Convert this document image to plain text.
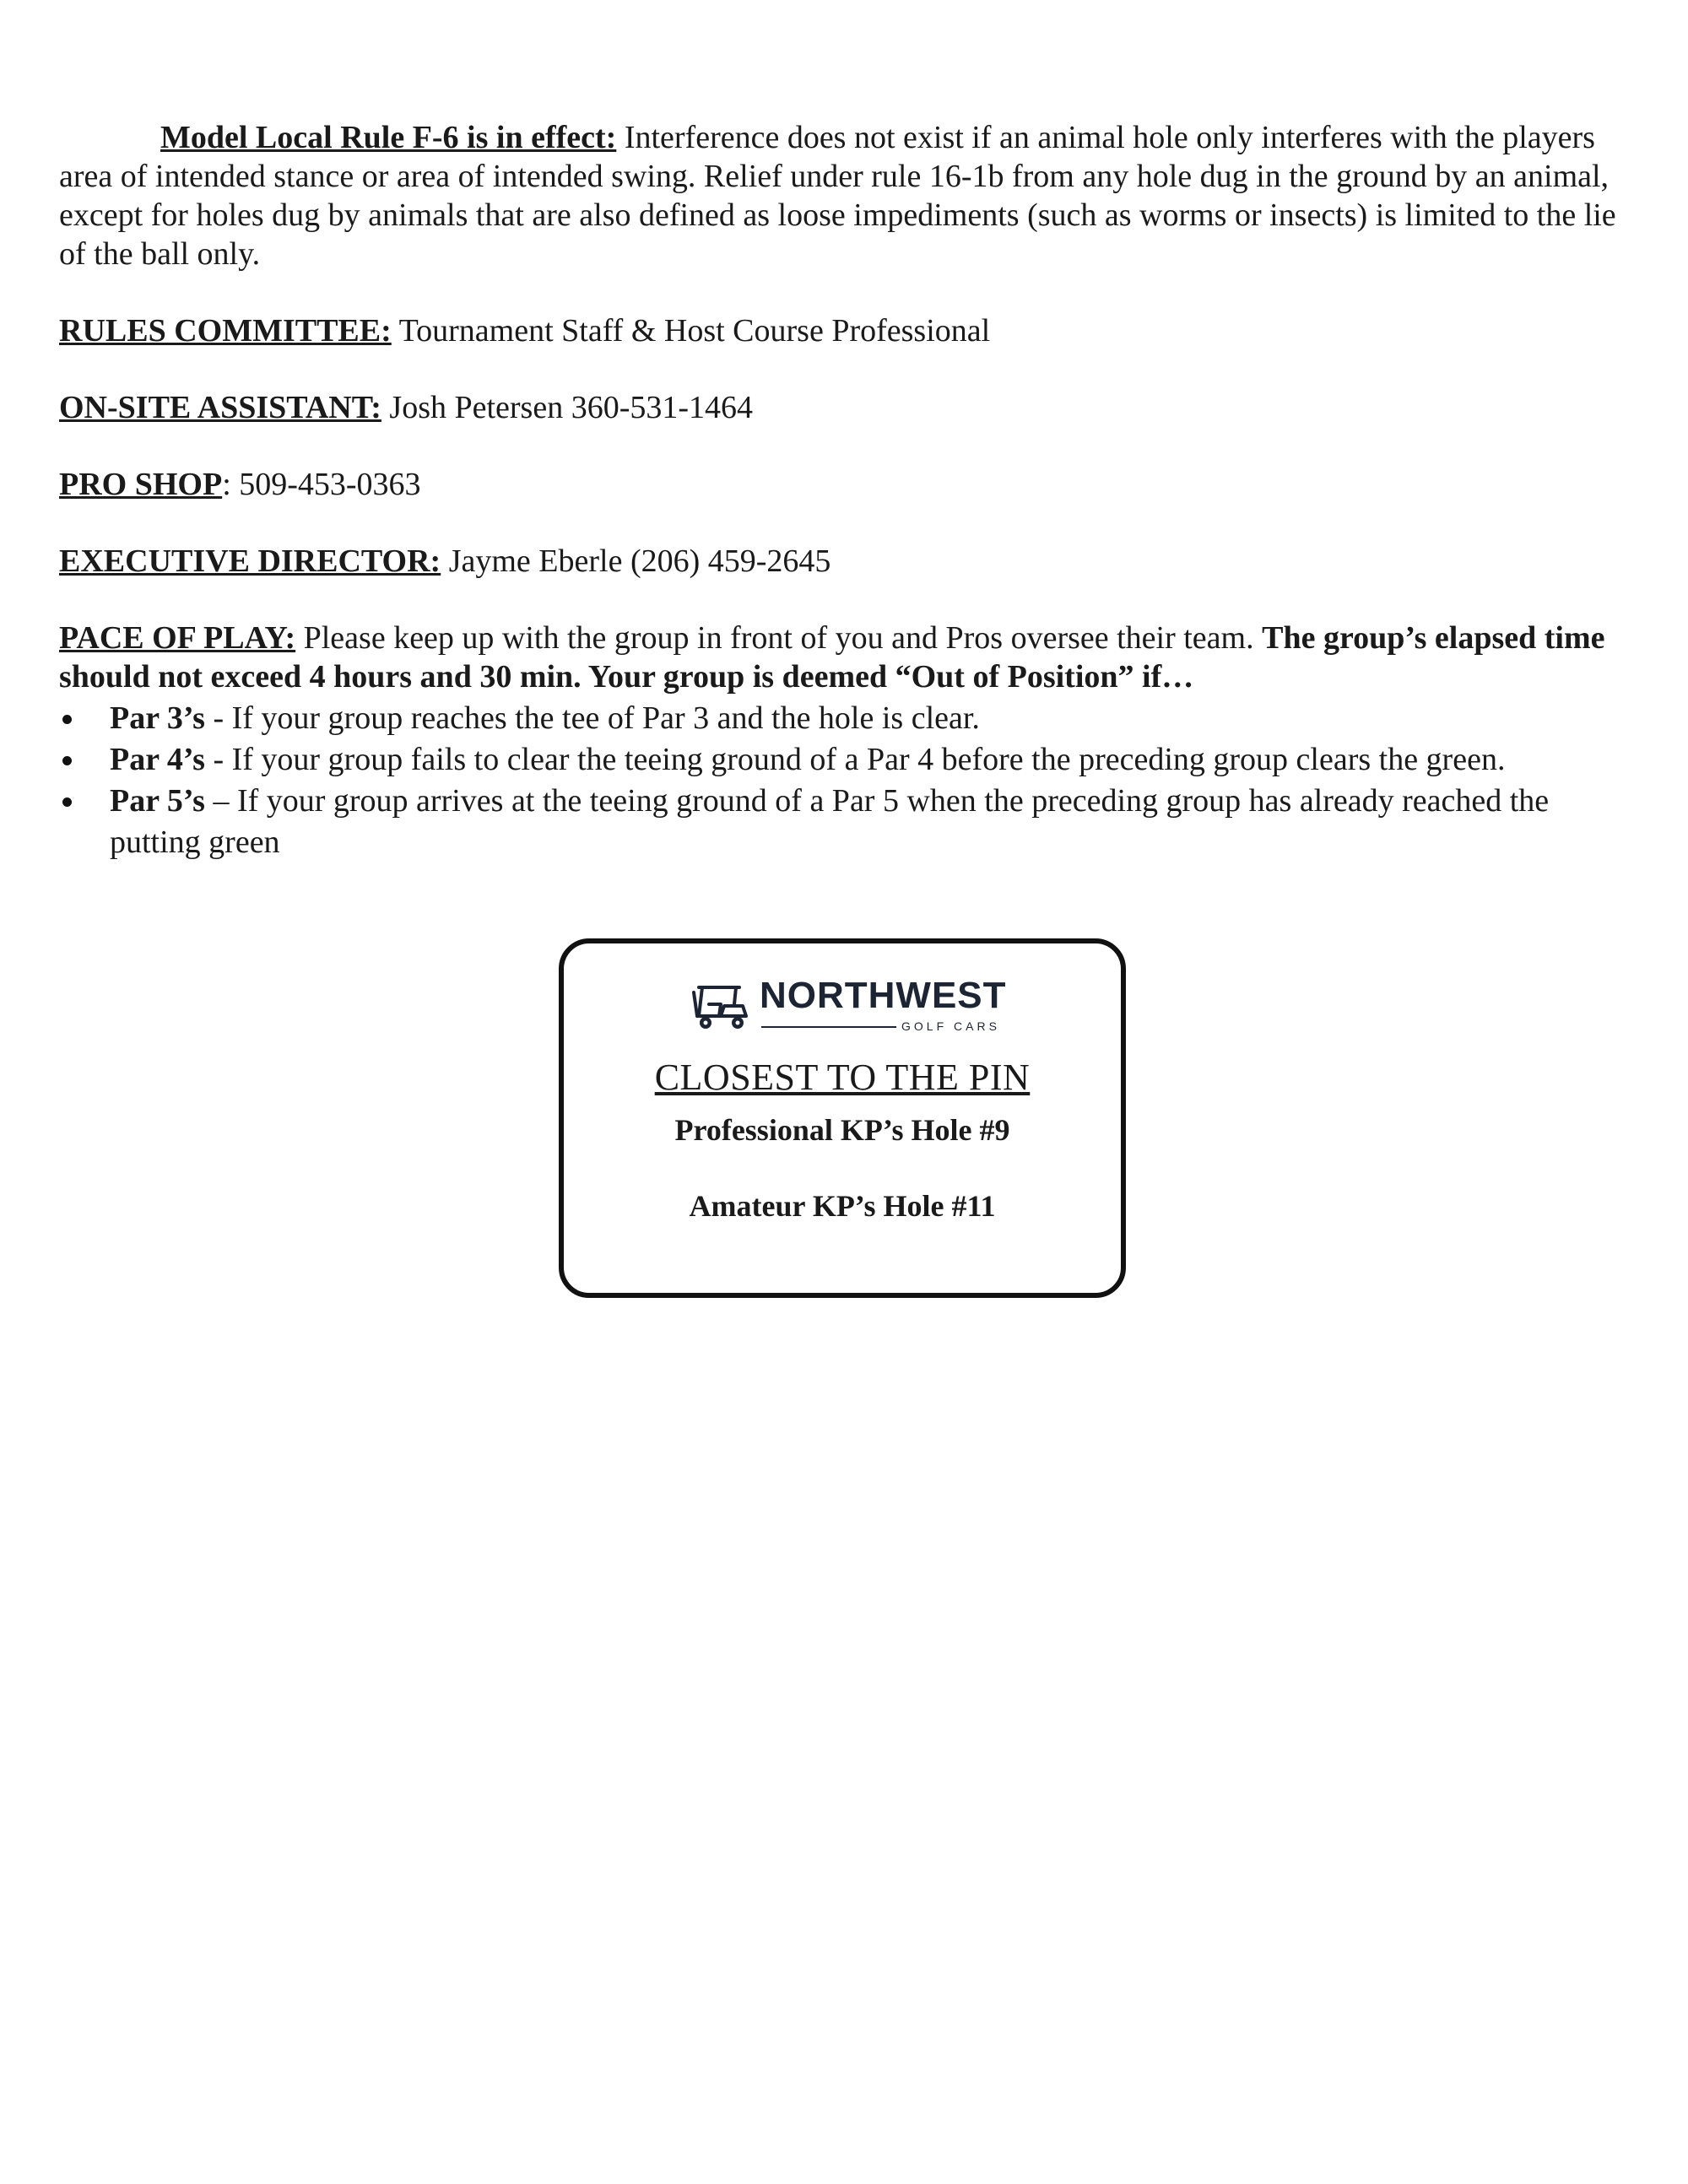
Model Local Rule F-6 is in effect: Interference does not exist if an animal hole only interferes with the players area of intended stance or area of intended swing. Relief under rule 16-1b from any hole dug in the ground by an animal, except for holes dug by animals that are also defined as loose impediments (such as worms or insects) is limited to the lie of the ball only.

RULES COMMITTEE: Tournament Staff & Host Course Professional

ON-SITE ASSISTANT: Josh Petersen 360-531-1464

PRO SHOP: 509-453-0363

EXECUTIVE DIRECTOR: Jayme Eberle (206) 459-2645

PACE OF PLAY: Please keep up with the group in front of you and Pros oversee their team. The group’s elapsed time should not exceed 4 hours and 30 min. Your group is deemed “Out of Position” if…

Par 3’s - If your group reaches the tee of Par 3 and the hole is clear.
Par 4’s - If your group fails to clear the teeing ground of a Par 4 before the preceding group clears the green.
Par 5’s – If your group arrives at the teeing ground of a Par 5 when the preceding group has already reached the putting green
NORTHWEST
GOLF CARS
CLOSEST TO THE PIN
Professional KP’s Hole #9
Amateur KP’s Hole #11
